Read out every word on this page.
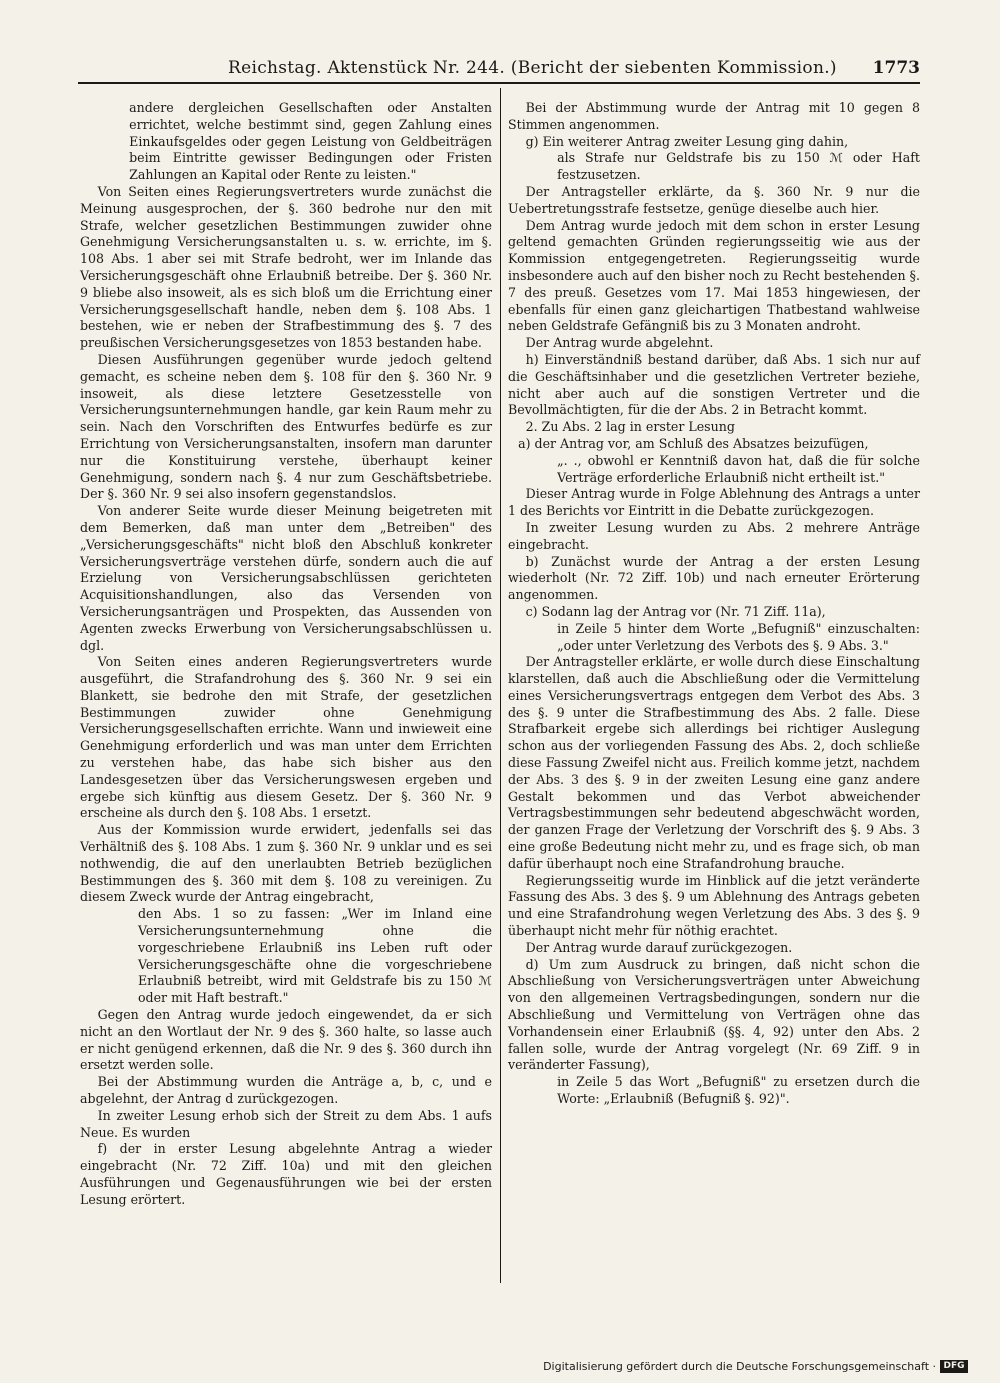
Reichstag. Aktenstück Nr. 244. (Bericht der siebenten Kommission.) 1773

andere dergleichen Gesellschaften oder Anstalten errichtet, welche bestimmt sind, gegen Zahlung eines Einkaufsgeldes oder gegen Leistung von Geldbeiträgen beim Eintritte gewisser Bedingungen oder Fristen Zahlungen an Kapital oder Rente zu leisten."

Von Seiten eines Regierungsvertreters wurde zunächst die Meinung ausgesprochen, der §. 360 bedrohe nur den mit Strafe, welcher gesetzlichen Bestimmungen zuwider ohne Genehmigung Versicherungsanstalten u. s. w. errichte, im §. 108 Abs. 1 aber sei mit Strafe bedroht, wer im Inlande das Versicherungsgeschäft ohne Erlaubniß betreibe. Der §. 360 Nr. 9 bliebe also insoweit, als es sich bloß um die Errichtung einer Versicherungsgesellschaft handle, neben dem §. 108 Abs. 1 bestehen, wie er neben der Strafbestimmung des §. 7 des preußischen Versicherungsgesetzes von 1853 bestanden habe.

Diesen Ausführungen gegenüber wurde jedoch geltend gemacht, es scheine neben dem §. 108 für den §. 360 Nr. 9 insoweit, als diese letztere Gesetzesstelle von Versicherungsunternehmungen handle, gar kein Raum mehr zu sein. Nach den Vorschriften des Entwurfes bedürfe es zur Errichtung von Versicherungsanstalten, insofern man darunter nur die Konstituirung verstehe, überhaupt keiner Genehmigung, sondern nach §. 4 nur zum Geschäftsbetriebe. Der §. 360 Nr. 9 sei also insofern gegenstandslos.

Von anderer Seite wurde dieser Meinung beigetreten mit dem Bemerken, daß man unter dem „Betreiben" des „Versicherungsgeschäfts" nicht bloß den Abschluß konkreter Versicherungsverträge verstehen dürfe, sondern auch die auf Erzielung von Versicherungsabschlüssen gerichteten Acquisitionshandlungen, also das Versenden von Versicherungsanträgen und Prospekten, das Aussenden von Agenten zwecks Erwerbung von Versicherungsabschlüssen u. dgl.

Von Seiten eines anderen Regierungsvertreters wurde ausgeführt, die Strafandrohung des §. 360 Nr. 9 sei ein Blankett, sie bedrohe den mit Strafe, der gesetzlichen Bestimmungen zuwider ohne Genehmigung Versicherungsgesellschaften errichte. Wann und inwieweit eine Genehmigung erforderlich und was man unter dem Errichten zu verstehen habe, das habe sich bisher aus den Landesgesetzen über das Versicherungswesen ergeben und ergebe sich künftig aus diesem Gesetz. Der §. 360 Nr. 9 erscheine als durch den §. 108 Abs. 1 ersetzt.

Aus der Kommission wurde erwidert, jedenfalls sei das Verhältniß des §. 108 Abs. 1 zum §. 360 Nr. 9 unklar und es sei nothwendig, die auf den unerlaubten Betrieb bezüglichen Bestimmungen des §. 360 mit dem §. 108 zu vereinigen. Zu diesem Zweck wurde der Antrag eingebracht,

den Abs. 1 so zu fassen: „Wer im Inland eine Versicherungsunternehmung ohne die vorgeschriebene Erlaubniß ins Leben ruft oder Versicherungsgeschäfte ohne die vorgeschriebene Erlaubniß betreibt, wird mit Geldstrafe bis zu 150 ℳ oder mit Haft bestraft."

Gegen den Antrag wurde jedoch eingewendet, da er sich nicht an den Wortlaut der Nr. 9 des §. 360 halte, so lasse auch er nicht genügend erkennen, daß die Nr. 9 des §. 360 durch ihn ersetzt werden solle.

Bei der Abstimmung wurden die Anträge a, b, c, und e abgelehnt, der Antrag d zurückgezogen.

In zweiter Lesung erhob sich der Streit zu dem Abs. 1 aufs Neue. Es wurden

f) der in erster Lesung abgelehnte Antrag a wieder eingebracht (Nr. 72 Ziff. 10a) und mit den gleichen Ausführungen und Gegenausführungen wie bei der ersten Lesung erörtert.

Bei der Abstimmung wurde der Antrag mit 10 gegen 8 Stimmen angenommen.

g) Ein weiterer Antrag zweiter Lesung ging dahin,

als Strafe nur Geldstrafe bis zu 150 ℳ oder Haft festzusetzen.

Der Antragsteller erklärte, da §. 360 Nr. 9 nur die Uebertretungsstrafe festsetze, genüge dieselbe auch hier.

Dem Antrag wurde jedoch mit dem schon in erster Lesung geltend gemachten Gründen regierungsseitig wie aus der Kommission entgegengetreten. Regierungsseitig wurde insbesondere auch auf den bisher noch zu Recht bestehenden §. 7 des preuß. Gesetzes vom 17. Mai 1853 hingewiesen, der ebenfalls für einen ganz gleichartigen Thatbestand wahlweise neben Geldstrafe Gefängniß bis zu 3 Monaten androht.

Der Antrag wurde abgelehnt.

h) Einverständniß bestand darüber, daß Abs. 1 sich nur auf die Geschäftsinhaber und die gesetzlichen Vertreter beziehe, nicht aber auch auf die sonstigen Vertreter und die Bevollmächtigten, für die der Abs. 2 in Betracht kommt.

2. Zu Abs. 2 lag in erster Lesung

a) der Antrag vor, am Schluß des Absatzes beizufügen,

„. ., obwohl er Kenntniß davon hat, daß die für solche Verträge erforderliche Erlaubniß nicht ertheilt ist."

Dieser Antrag wurde in Folge Ablehnung des Antrags a unter 1 des Berichts vor Eintritt in die Debatte zurückgezogen.

In zweiter Lesung wurden zu Abs. 2 mehrere Anträge eingebracht.

b) Zunächst wurde der Antrag a der ersten Lesung wiederholt (Nr. 72 Ziff. 10b) und nach erneuter Erörterung angenommen.

c) Sodann lag der Antrag vor (Nr. 71 Ziff. 11a),

in Zeile 5 hinter dem Worte „Befugniß" einzuschalten: „oder unter Verletzung des Verbots des §. 9 Abs. 3."

Der Antragsteller erklärte, er wolle durch diese Einschaltung klarstellen, daß auch die Abschließung oder die Vermittelung eines Versicherungsvertrags entgegen dem Verbot des Abs. 3 des §. 9 unter die Strafbestimmung des Abs. 2 falle. Diese Strafbarkeit ergebe sich allerdings bei richtiger Auslegung schon aus der vorliegenden Fassung des Abs. 2, doch schließe diese Fassung Zweifel nicht aus. Freilich komme jetzt, nachdem der Abs. 3 des §. 9 in der zweiten Lesung eine ganz andere Gestalt bekommen und das Verbot abweichender Vertragsbestimmungen sehr bedeutend abgeschwächt worden, der ganzen Frage der Verletzung der Vorschrift des §. 9 Abs. 3 eine große Bedeutung nicht mehr zu, und es frage sich, ob man dafür überhaupt noch eine Strafandrohung brauche.

Regierungsseitig wurde im Hinblick auf die jetzt veränderte Fassung des Abs. 3 des §. 9 um Ablehnung des Antrags gebeten und eine Strafandrohung wegen Verletzung des Abs. 3 des §. 9 überhaupt nicht mehr für nöthig erachtet.

Der Antrag wurde darauf zurückgezogen.

d) Um zum Ausdruck zu bringen, daß nicht schon die Abschließung von Versicherungsverträgen unter Abweichung von den allgemeinen Vertragsbedingungen, sondern nur die Abschließung und Vermittelung von Verträgen ohne das Vorhandensein einer Erlaubniß (§§. 4, 92) unter den Abs. 2 fallen solle, wurde der Antrag vorgelegt (Nr. 69 Ziff. 9 in veränderter Fassung),

in Zeile 5 das Wort „Befugniß" zu ersetzen durch die Worte: „Erlaubniß (Befugniß §. 92)".

Digitalisierung gefördert durch die Deutsche Forschungsgemeinschaft · DFG
